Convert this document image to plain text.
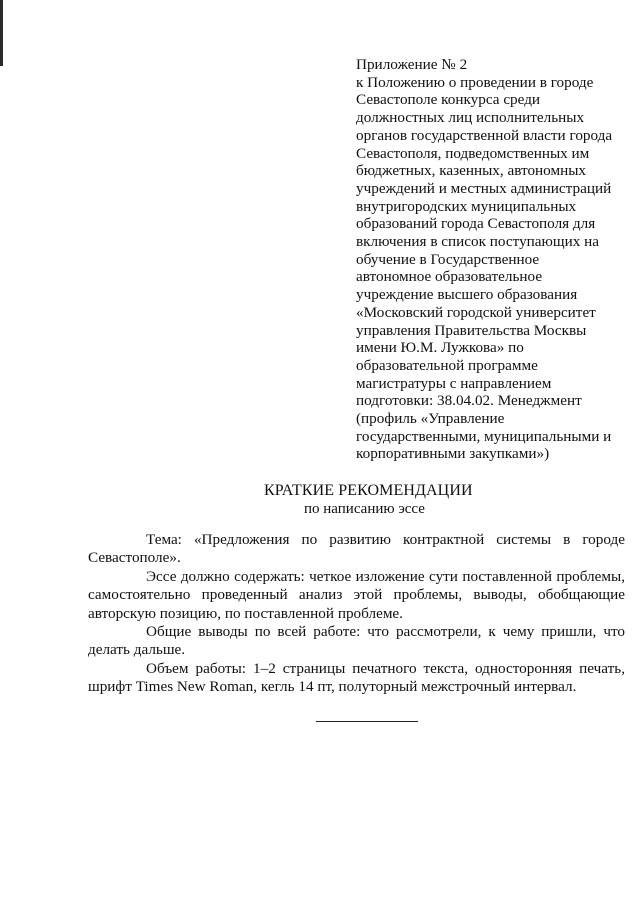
Приложение № 2
к Положению о проведении в городе
Севастополе конкурса среди
должностных лиц исполнительных
органов государственной власти города
Севастополя, подведомственных им
бюджетных, казенных, автономных
учреждений и местных администраций
внутригородских муниципальных
образований города Севастополя для
включения в список поступающих на
обучение в Государственное
автономное образовательное
учреждение высшего образования
«Московский городской университет
управления Правительства Москвы
имени Ю.М. Лужкова» по
образовательной программе
магистратуры с направлением
подготовки: 38.04.02. Менеджмент
(профиль «Управление
государственными, муниципальными и
корпоративными закупками»)
КРАТКИЕ РЕКОМЕНДАЦИИ
по написанию эссе

Тема: «Предложения по развитию контрактной системы в городе Севастополе».

Эссе должно содержать: четкое изложение сути поставленной проблемы, самостоятельно проведенный анализ этой проблемы, выводы, обобщающие авторскую позицию, по поставленной проблеме.

Общие выводы по всей работе: что рассмотрели, к чему пришли, что делать дальше.

Объем работы: 1–2 страницы печатного текста, односторонняя печать, шрифт Times New Roman, кегль 14 пт, полуторный межстрочный интервал.
